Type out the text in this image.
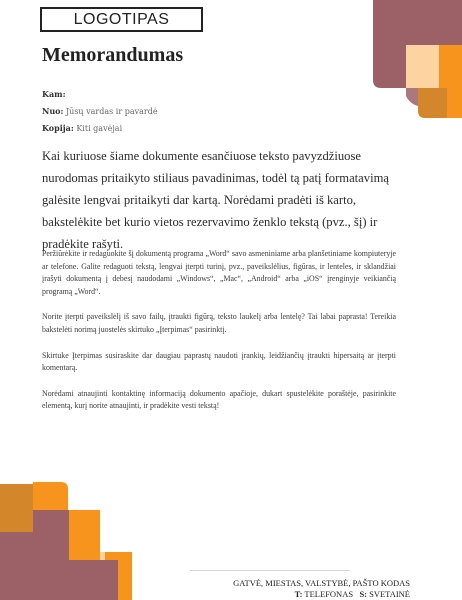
LOGOTIPAS
Memorandumas
Kam:
Nuo: Jūsų vardas ir pavardė
Kopija: Kiti gavėjai

Kai kuriuose šiame dokumente esančiuose teksto pavyzdžiuose nurodomas pritaikyto stiliaus pavadinimas, todėl tą patį formatavimą galėsite lengvai pritaikyti dar kartą. Norėdami pradėti iš karto, bakstelėkite bet kurio vietos rezervavimo ženklo tekstą (pvz., šį) ir pradėkite rašyti.

Peržiūrėkite ir redaguokite šį dokumentą programa „Word“ savo asmeniniame arba planšetiniame kompiuteryje ar telefone. Galite redaguoti tekstą, lengvai įterpti turinį, pvz., paveikslėlius, figūras, ir lenteles, ir sklandžiai įrašyti dokumentą į debesį naudodami „Windows“, „Mac“, „Android“ arba „iOS“ įrenginyje veikiančią programą „Word“.

Norite įterpti paveikslėlį iš savo failų, įtraukti figūrą, teksto laukelį arba lentelę? Tai labai paprasta! Tereikia bakstelėti norimą juostelės skirtuko „Įterpimas“ pasirinktį.

Skirtuke Įterpimas susiraskite dar daugiau paprastų naudoti įrankių, leidžiančių įtraukti hipersaitą ar įterpti komentarą.

Norėdami atnaujinti kontaktinę informaciją dokumento apačioje, dukart spustelėkite poraštėje, pasirinkite elementą, kurį norite atnaujinti, ir pradėkite vesti tekstą!

GATVĖ, MIESTAS, VALSTYBĖ, PAŠTO KODAS
T: TELEFONAS S: SVETAINĖ
